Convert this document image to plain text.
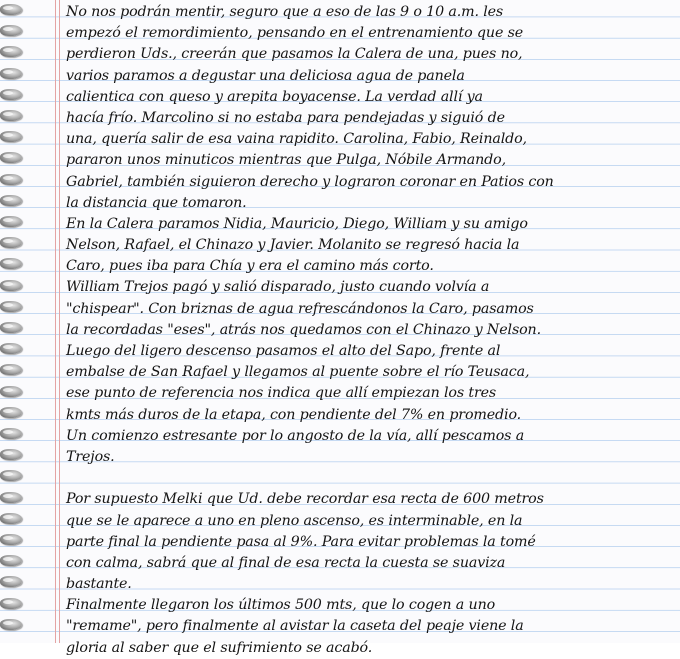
No nos podrán mentir, seguro que a eso de las 9 o 10 a.m. les
empezó el remordimiento, pensando en el entrenamiento que se
perdieron Uds., creerán que pasamos la Calera de una, pues no,
varios paramos a degustar una deliciosa agua de panela
calientica con queso y arepita boyacense. La verdad allí ya
hacía frío. Marcolino si no estaba para pendejadas y siguió de
una, quería salir de esa vaina rapidito. Carolina, Fabio, Reinaldo,
pararon unos minuticos mientras que Pulga, Nóbile Armando,
Gabriel, también siguieron derecho y lograron coronar en Patios con
la distancia que tomaron.
En la Calera paramos Nidia, Mauricio, Diego, William y su amigo
Nelson, Rafael, el Chinazo y Javier. Molanito se regresó hacia la
Caro, pues iba para Chía y era el camino más corto.
William Trejos pagó y salió disparado, justo cuando volvía a
"chispear". Con briznas de agua refrescándonos la Caro, pasamos
la recordadas "eses", atrás nos quedamos con el Chinazo y Nelson.
Luego del ligero descenso pasamos el alto del Sapo, frente al
embalse de San Rafael y llegamos al puente sobre el río Teusaca,
ese punto de referencia nos indica que allí empiezan los tres
kmts más duros de la etapa, con pendiente del 7% en promedio.
Un comienzo estresante por lo angosto de la vía, allí pescamos a
Trejos.
Por supuesto Melki que Ud. debe recordar esa recta de 600 metros
que se le aparece a uno en pleno ascenso, es interminable, en la
parte final la pendiente pasa al 9%. Para evitar problemas la tomé
con calma, sabrá que al final de esa recta la cuesta se suaviza
bastante.
Finalmente llegaron los últimos 500 mts, que lo cogen a uno
"remame", pero finalmente al avistar la caseta del peaje viene la
gloria al saber que el sufrimiento se acabó.
